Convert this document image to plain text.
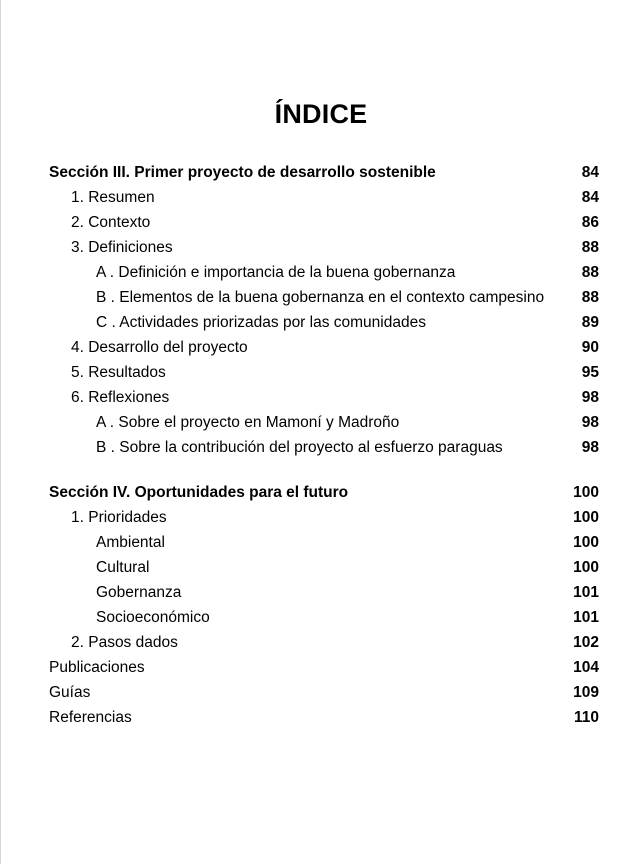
ÍNDICE
Sección III. Primer proyecto de desarrollo sostenible	84
1. Resumen	84
2. Contexto	86
3. Definiciones	88
A . Definición e importancia de la buena gobernanza	88
B . Elementos de la buena gobernanza en el contexto campesino	88
C . Actividades priorizadas por las comunidades	89
4. Desarrollo del proyecto	90
5. Resultados	95
6. Reflexiones	98
A . Sobre el proyecto en Mamoní y Madroño	98
B . Sobre la contribución del proyecto al esfuerzo paraguas	98
Sección IV. Oportunidades para el futuro	100
1. Prioridades	100
Ambiental	100
Cultural	100
Gobernanza	101
Socioeconómico	101
2. Pasos dados	102
Publicaciones	104
Guías	109
Referencias	110
